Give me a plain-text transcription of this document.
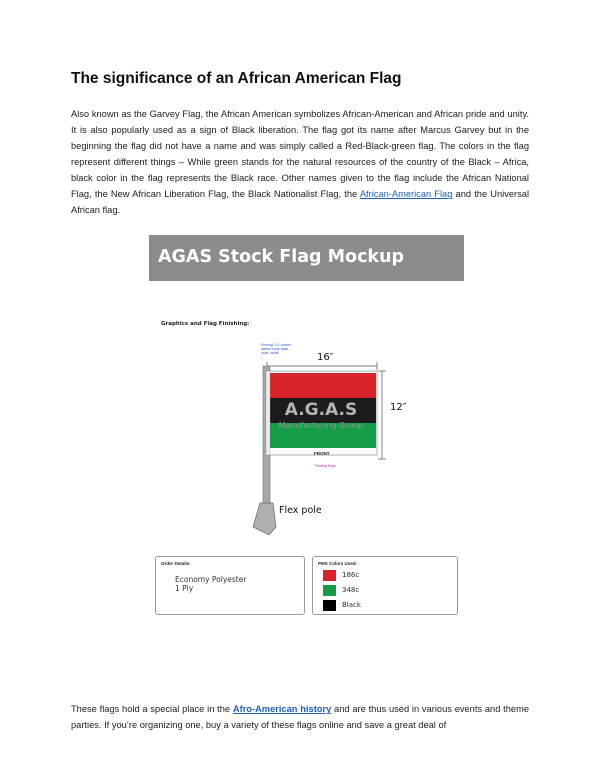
The significance of an African American Flag

Also known as the Garvey Flag, the African American symbolizes African-American and African pride and unity. It is also popularly used as a sign of Black liberation. The flag got its name after Marcus Garvey but in the beginning the flag did not have a name and was simply called a Red-Black-green flag. The colors in the flag represent different things – While green stands for the natural resources of the country of the Black – Africa, black color in the flag represents the Black race. Other names given to the flag include the African National Flag, the New African Liberation Flag, the Black Nationalist Flag, the African-American Flag and the Universal African flag.

AGAS Stock Flag Mockup
Graphics and Flag Finishing:
Printing: 1/1 Inches sleeve wrap base color: white	16″
12″
A.G.A.S
Manufacturing Group
FRONT
Printing Edge
Flex pole
Order Details:
Economy Polyester
1 Ply
PMS Colors Used:
186c
348c
Black

These flags hold a special place in the Afro-American history and are thus used in various events and theme parties. If you’re organizing one, buy a variety of these flags online and save a great deal of
